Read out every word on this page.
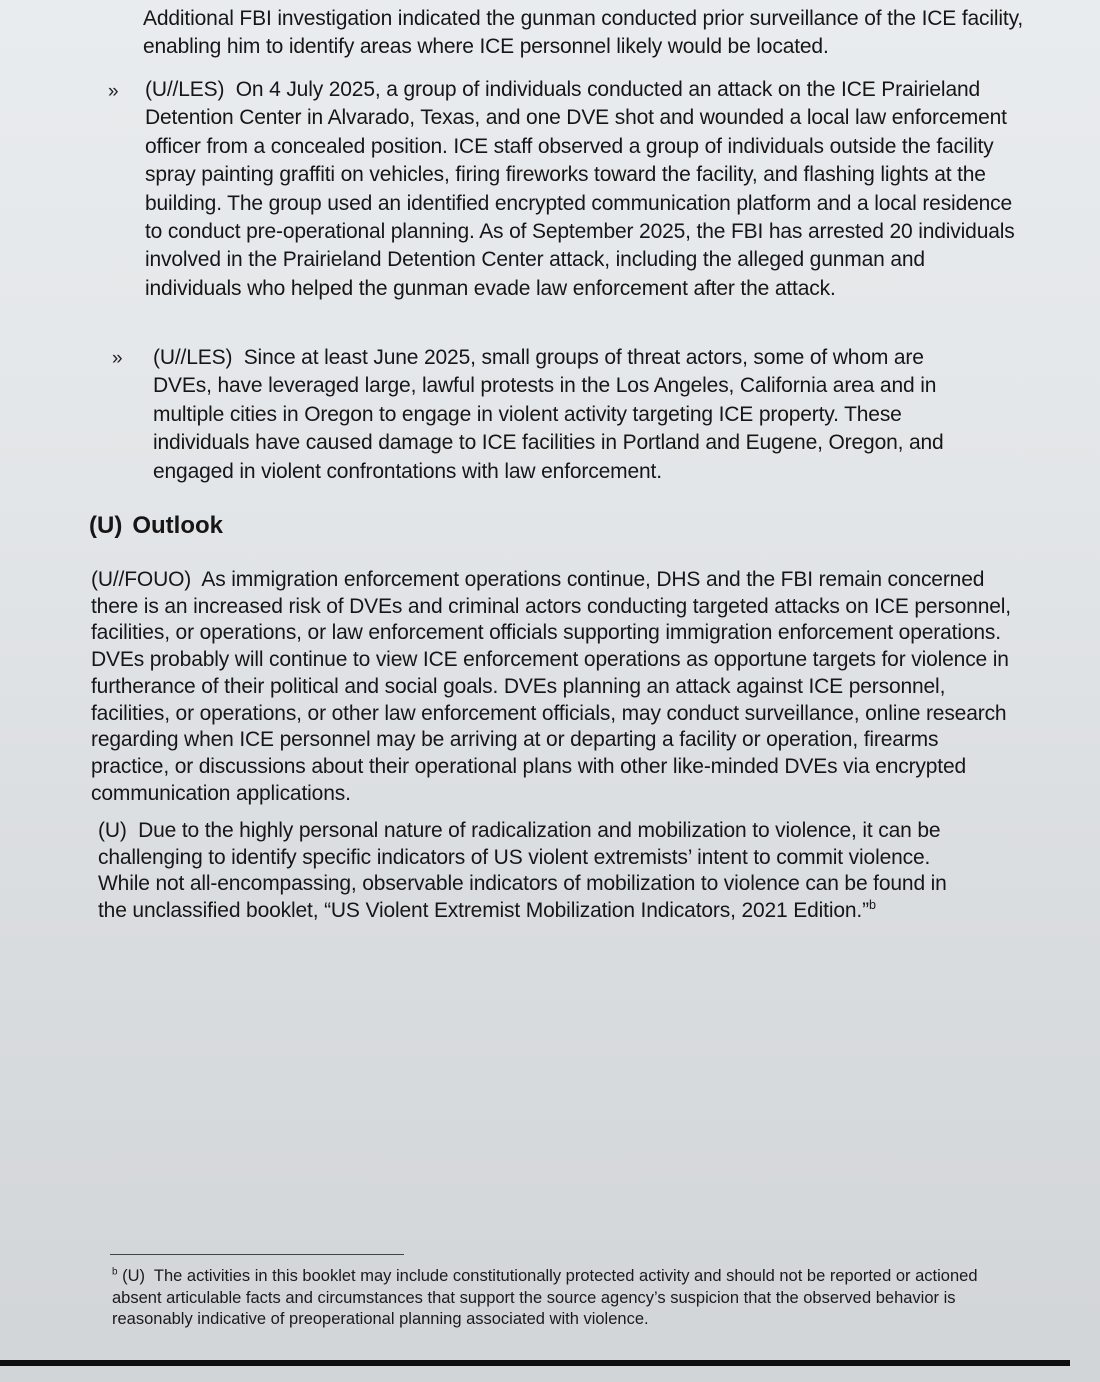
Additional FBI investigation indicated the gunman conducted prior surveillance of the ICE facility, enabling him to identify areas where ICE personnel likely would be located.

» (U//LES) On 4 July 2025, a group of individuals conducted an attack on the ICE Prairieland Detention Center in Alvarado, Texas, and one DVE shot and wounded a local law enforcement officer from a concealed position. ICE staff observed a group of individuals outside the facility spray painting graffiti on vehicles, firing fireworks toward the facility, and flashing lights at the building. The group used an identified encrypted communication platform and a local residence to conduct pre-operational planning. As of September 2025, the FBI has arrested 20 individuals involved in the Prairieland Detention Center attack, including the alleged gunman and individuals who helped the gunman evade law enforcement after the attack.

» (U//LES) Since at least June 2025, small groups of threat actors, some of whom are DVEs, have leveraged large, lawful protests in the Los Angeles, California area and in multiple cities in Oregon to engage in violent activity targeting ICE property. These individuals have caused damage to ICE facilities in Portland and Eugene, Oregon, and engaged in violent confrontations with law enforcement.

(U) Outlook

(U//FOUO) As immigration enforcement operations continue, DHS and the FBI remain concerned there is an increased risk of DVEs and criminal actors conducting targeted attacks on ICE personnel, facilities, or operations, or law enforcement officials supporting immigration enforcement operations. DVEs probably will continue to view ICE enforcement operations as opportune targets for violence in furtherance of their political and social goals. DVEs planning an attack against ICE personnel, facilities, or operations, or other law enforcement officials, may conduct surveillance, online research regarding when ICE personnel may be arriving at or departing a facility or operation, firearms practice, or discussions about their operational plans with other like-minded DVEs via encrypted communication applications.

(U) Due to the highly personal nature of radicalization and mobilization to violence, it can be challenging to identify specific indicators of US violent extremists’ intent to commit violence. While not all-encompassing, observable indicators of mobilization to violence can be found in the unclassified booklet, “US Violent Extremist Mobilization Indicators, 2021 Edition.”$^b$

$^b$ (U) The activities in this booklet may include constitutionally protected activity and should not be reported or actioned absent articulable facts and circumstances that support the source agency’s suspicion that the observed behavior is reasonably indicative of preoperational planning associated with violence.
